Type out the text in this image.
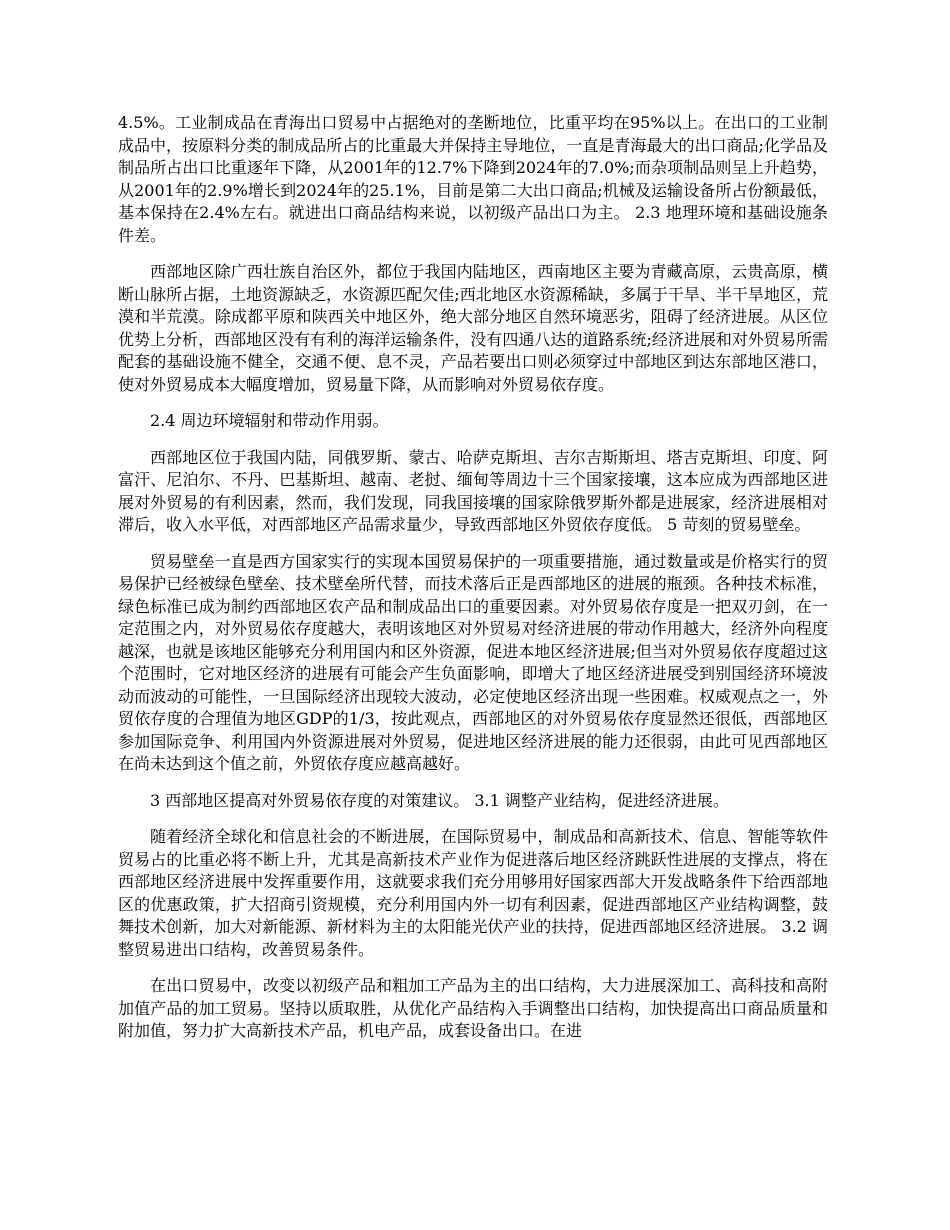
4.5%。工业制成品在青海出口贸易中占据绝对的垄断地位，比重平均在95%以上。在出口的工业制成品中，按原料分类的制成品所占的比重最大并保持主导地位，一直是青海最大的出口商品;化学品及制品所占出口比重逐年下降，从2001年的12.7%下降到2024年的7.0%;而杂项制品则呈上升趋势，从2001年的2.9%增长到2024年的25.1%，目前是第二大出口商品;机械及运输设备所占份额最低，基本保持在2.4%左右。就进出口商品结构来说，以初级产品出口为主。 2.3 地理环境和基础设施条件差。

西部地区除广西壮族自治区外，都位于我国内陆地区，西南地区主要为青藏高原，云贵高原，横断山脉所占据，土地资源缺乏，水资源匹配欠佳;西北地区水资源稀缺，多属于干旱、半干旱地区，荒漠和半荒漠。除成都平原和陕西关中地区外，绝大部分地区自然环境恶劣，阻碍了经济进展。从区位优势上分析，西部地区没有有利的海洋运输条件，没有四通八达的道路系统;经济进展和对外贸易所需配套的基础设施不健全，交通不便、息不灵，产品若要出口则必须穿过中部地区到达东部地区港口，使对外贸易成本大幅度增加，贸易量下降，从而影响对外贸易依存度。

2.4 周边环境辐射和带动作用弱。

西部地区位于我国内陆，同俄罗斯、蒙古、哈萨克斯坦、吉尔吉斯斯坦、塔吉克斯坦、印度、阿富汗、尼泊尔、不丹、巴基斯坦、越南、老挝、缅甸等周边十三个国家接壤，这本应成为西部地区进展对外贸易的有利因素，然而，我们发现，同我国接壤的国家除俄罗斯外都是进展家，经济进展相对滞后，收入水平低，对西部地区产品需求量少，导致西部地区外贸依存度低。 5 苛刻的贸易壁垒。

贸易壁垒一直是西方国家实行的实现本国贸易保护的一项重要措施，通过数量或是价格实行的贸易保护已经被绿色壁垒、技术壁垒所代替，而技术落后正是西部地区的进展的瓶颈。各种技术标准，绿色标准已成为制约西部地区农产品和制成品出口的重要因素。对外贸易依存度是一把双刃剑，在一定范围之内，对外贸易依存度越大，表明该地区对外贸易对经济进展的带动作用越大，经济外向程度越深，也就是该地区能够充分利用国内和区外资源，促进本地区经济进展;但当对外贸易依存度超过这个范围时，它对地区经济的进展有可能会产生负面影响，即增大了地区经济进展受到别国经济环境波动而波动的可能性，一旦国际经济出现较大波动，必定使地区经济出现一些困难。权威观点之一，外贸依存度的合理值为地区GDP的1/3，按此观点，西部地区的对外贸易依存度显然还很低，西部地区参加国际竞争、利用国内外资源进展对外贸易，促进地区经济进展的能力还很弱，由此可见西部地区在尚未达到这个值之前，外贸依存度应越高越好。

3 西部地区提高对外贸易依存度的对策建议。 3.1 调整产业结构，促进经济进展。

随着经济全球化和信息社会的不断进展，在国际贸易中，制成品和高新技术、信息、智能等软件贸易占的比重必将不断上升，尤其是高新技术产业作为促进落后地区经济跳跃性进展的支撑点，将在西部地区经济进展中发挥重要作用，这就要求我们充分用够用好国家西部大开发战略条件下给西部地区的优惠政策，扩大招商引资规模，充分利用国内外一切有利因素，促进西部地区产业结构调整，鼓舞技术创新，加大对新能源、新材料为主的太阳能光伏产业的扶持，促进西部地区经济进展。 3.2 调整贸易进出口结构，改善贸易条件。

在出口贸易中，改变以初级产品和粗加工产品为主的出口结构，大力进展深加工、高科技和高附加值产品的加工贸易。坚持以质取胜，从优化产品结构入手调整出口结构，加快提高出口商品质量和附加值，努力扩大高新技术产品，机电产品，成套设备出口。在进
